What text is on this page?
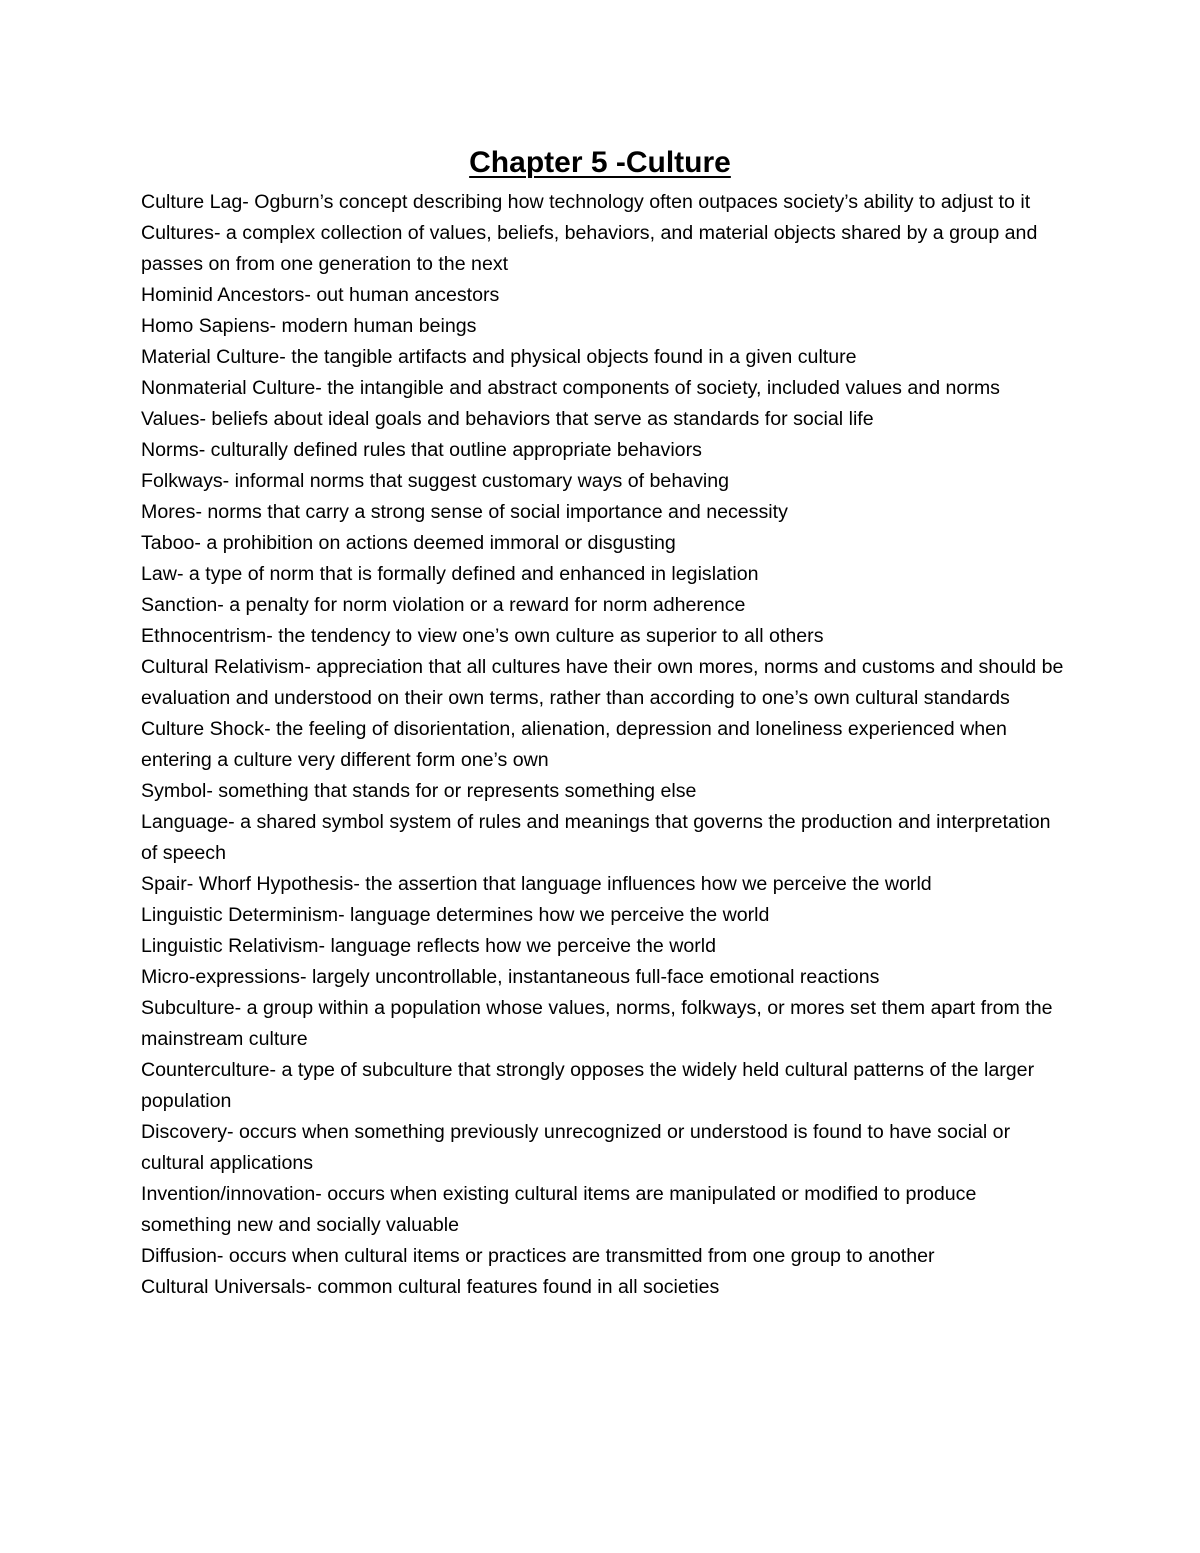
Chapter 5 -Culture
Culture Lag- Ogburn’s concept describing how technology often outpaces society’s ability to adjust to it
Cultures- a complex collection of values, beliefs, behaviors, and material objects shared by a group and passes on from one generation to the next
Hominid Ancestors- out human ancestors
Homo Sapiens- modern human beings
Material Culture- the tangible artifacts and physical objects found in a given culture
Nonmaterial Culture- the intangible and abstract components of society, included values and norms
Values- beliefs about ideal goals and behaviors that serve as standards for social life
Norms- culturally defined rules that outline appropriate behaviors
Folkways- informal norms that suggest customary ways of behaving
Mores- norms that carry a strong sense of social importance and necessity
Taboo- a prohibition on actions deemed immoral or disgusting
Law- a type of norm that is formally defined and enhanced in legislation
Sanction- a penalty for norm violation or a reward for norm adherence
Ethnocentrism- the tendency to view one’s own culture as superior to all others
Cultural Relativism- appreciation that all cultures have their own mores, norms and customs and should be evaluation and understood on their own terms, rather than according to one’s own cultural standards
Culture Shock- the feeling of disorientation, alienation, depression and loneliness experienced when entering a culture very different form one’s own
Symbol- something that stands for or represents something else
Language- a shared symbol system of rules and meanings that governs the production and interpretation of speech
Spair- Whorf Hypothesis- the assertion that language influences how we perceive the world
Linguistic Determinism- language determines how we perceive the world
Linguistic Relativism- language reflects how we perceive the world
Micro-expressions- largely uncontrollable, instantaneous full-face emotional reactions
Subculture- a group within a population whose values, norms, folkways, or mores set them apart from the mainstream culture
Counterculture- a type of subculture that strongly opposes the widely held cultural patterns of the larger population
Discovery- occurs when something previously unrecognized or understood is found to have social or cultural applications
Invention/innovation- occurs when existing cultural items are manipulated or modified to produce something new and socially valuable
Diffusion- occurs when cultural items or practices are transmitted from one group to another
Cultural Universals- common cultural features found in all societies
